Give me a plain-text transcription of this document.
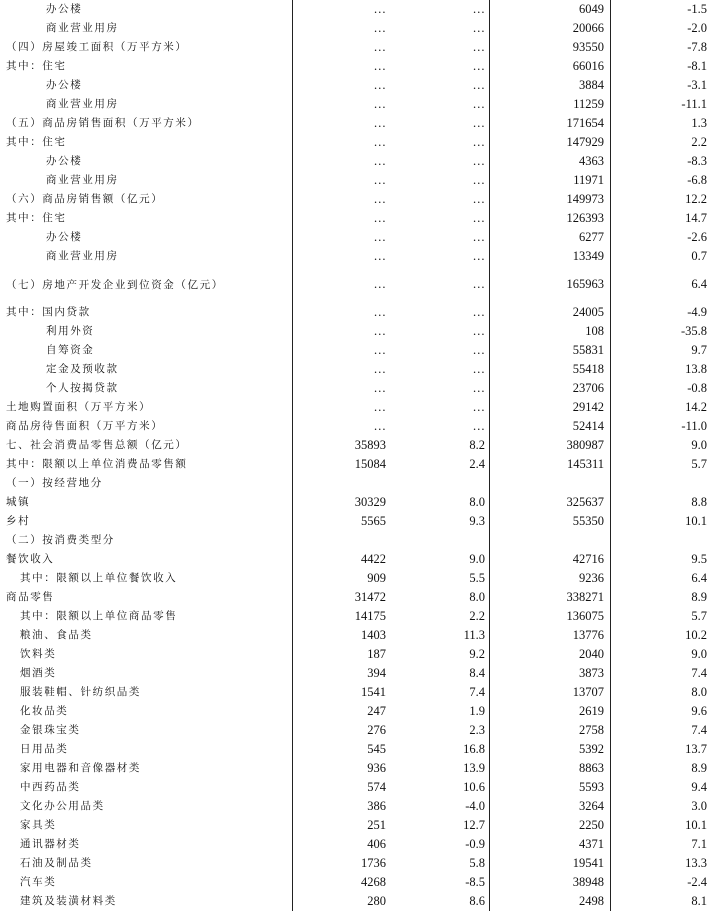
办公楼	…	…	6049	-1.5
商业营业用房	…	…	20066	-2.0
（四）房屋竣工面积（万平方米）	…	…	93550	-7.8
其中：住宅	…	…	66016	-8.1
办公楼	…	…	3884	-3.1
商业营业用房	…	…	11259	-11.1
（五）商品房销售面积（万平方米）	…	…	171654	1.3
其中：住宅	…	…	147929	2.2
办公楼	…	…	4363	-8.3
商业营业用房	…	…	11971	-6.8
（六）商品房销售额（亿元）	…	…	149973	12.2
其中：住宅	…	…	126393	14.7
办公楼	…	…	6277	-2.6
商业营业用房	…	…	13349	0.7
（七）房地产开发企业到位资金（亿元）	…	…	165963	6.4
其中：国内贷款	…	…	24005	-4.9
利用外资	…	…	108	-35.8
自筹资金	…	…	55831	9.7
定金及预收款	…	…	55418	13.8
个人按揭贷款	…	…	23706	-0.8
土地购置面积（万平方米）	…	…	29142	14.2
商品房待售面积（万平方米）	…	…	52414	-11.0
七、社会消费品零售总额（亿元）	35893	8.2	380987	9.0
其中：限额以上单位消费品零售额	15084	2.4	145311	5.7
（一）按经营地分
城镇	30329	8.0	325637	8.8
乡村	5565	9.3	55350	10.1
（二）按消费类型分
餐饮收入	4422	9.0	42716	9.5
其中：限额以上单位餐饮收入	909	5.5	9236	6.4
商品零售	31472	8.0	338271	8.9
其中：限额以上单位商品零售	14175	2.2	136075	5.7
粮油、食品类	1403	11.3	13776	10.2
饮料类	187	9.2	2040	9.0
烟酒类	394	8.4	3873	7.4
服装鞋帽、针纺织品类	1541	7.4	13707	8.0
化妆品类	247	1.9	2619	9.6
金银珠宝类	276	2.3	2758	7.4
日用品类	545	16.8	5392	13.7
家用电器和音像器材类	936	13.9	8863	8.9
中西药品类	574	10.6	5593	9.4
文化办公用品类	386	-4.0	3264	3.0
家具类	251	12.7	2250	10.1
通讯器材类	406	-0.9	4371	7.1
石油及制品类	1736	5.8	19541	13.3
汽车类	4268	-8.5	38948	-2.4
建筑及装潢材料类	280	8.6	2498	8.1
